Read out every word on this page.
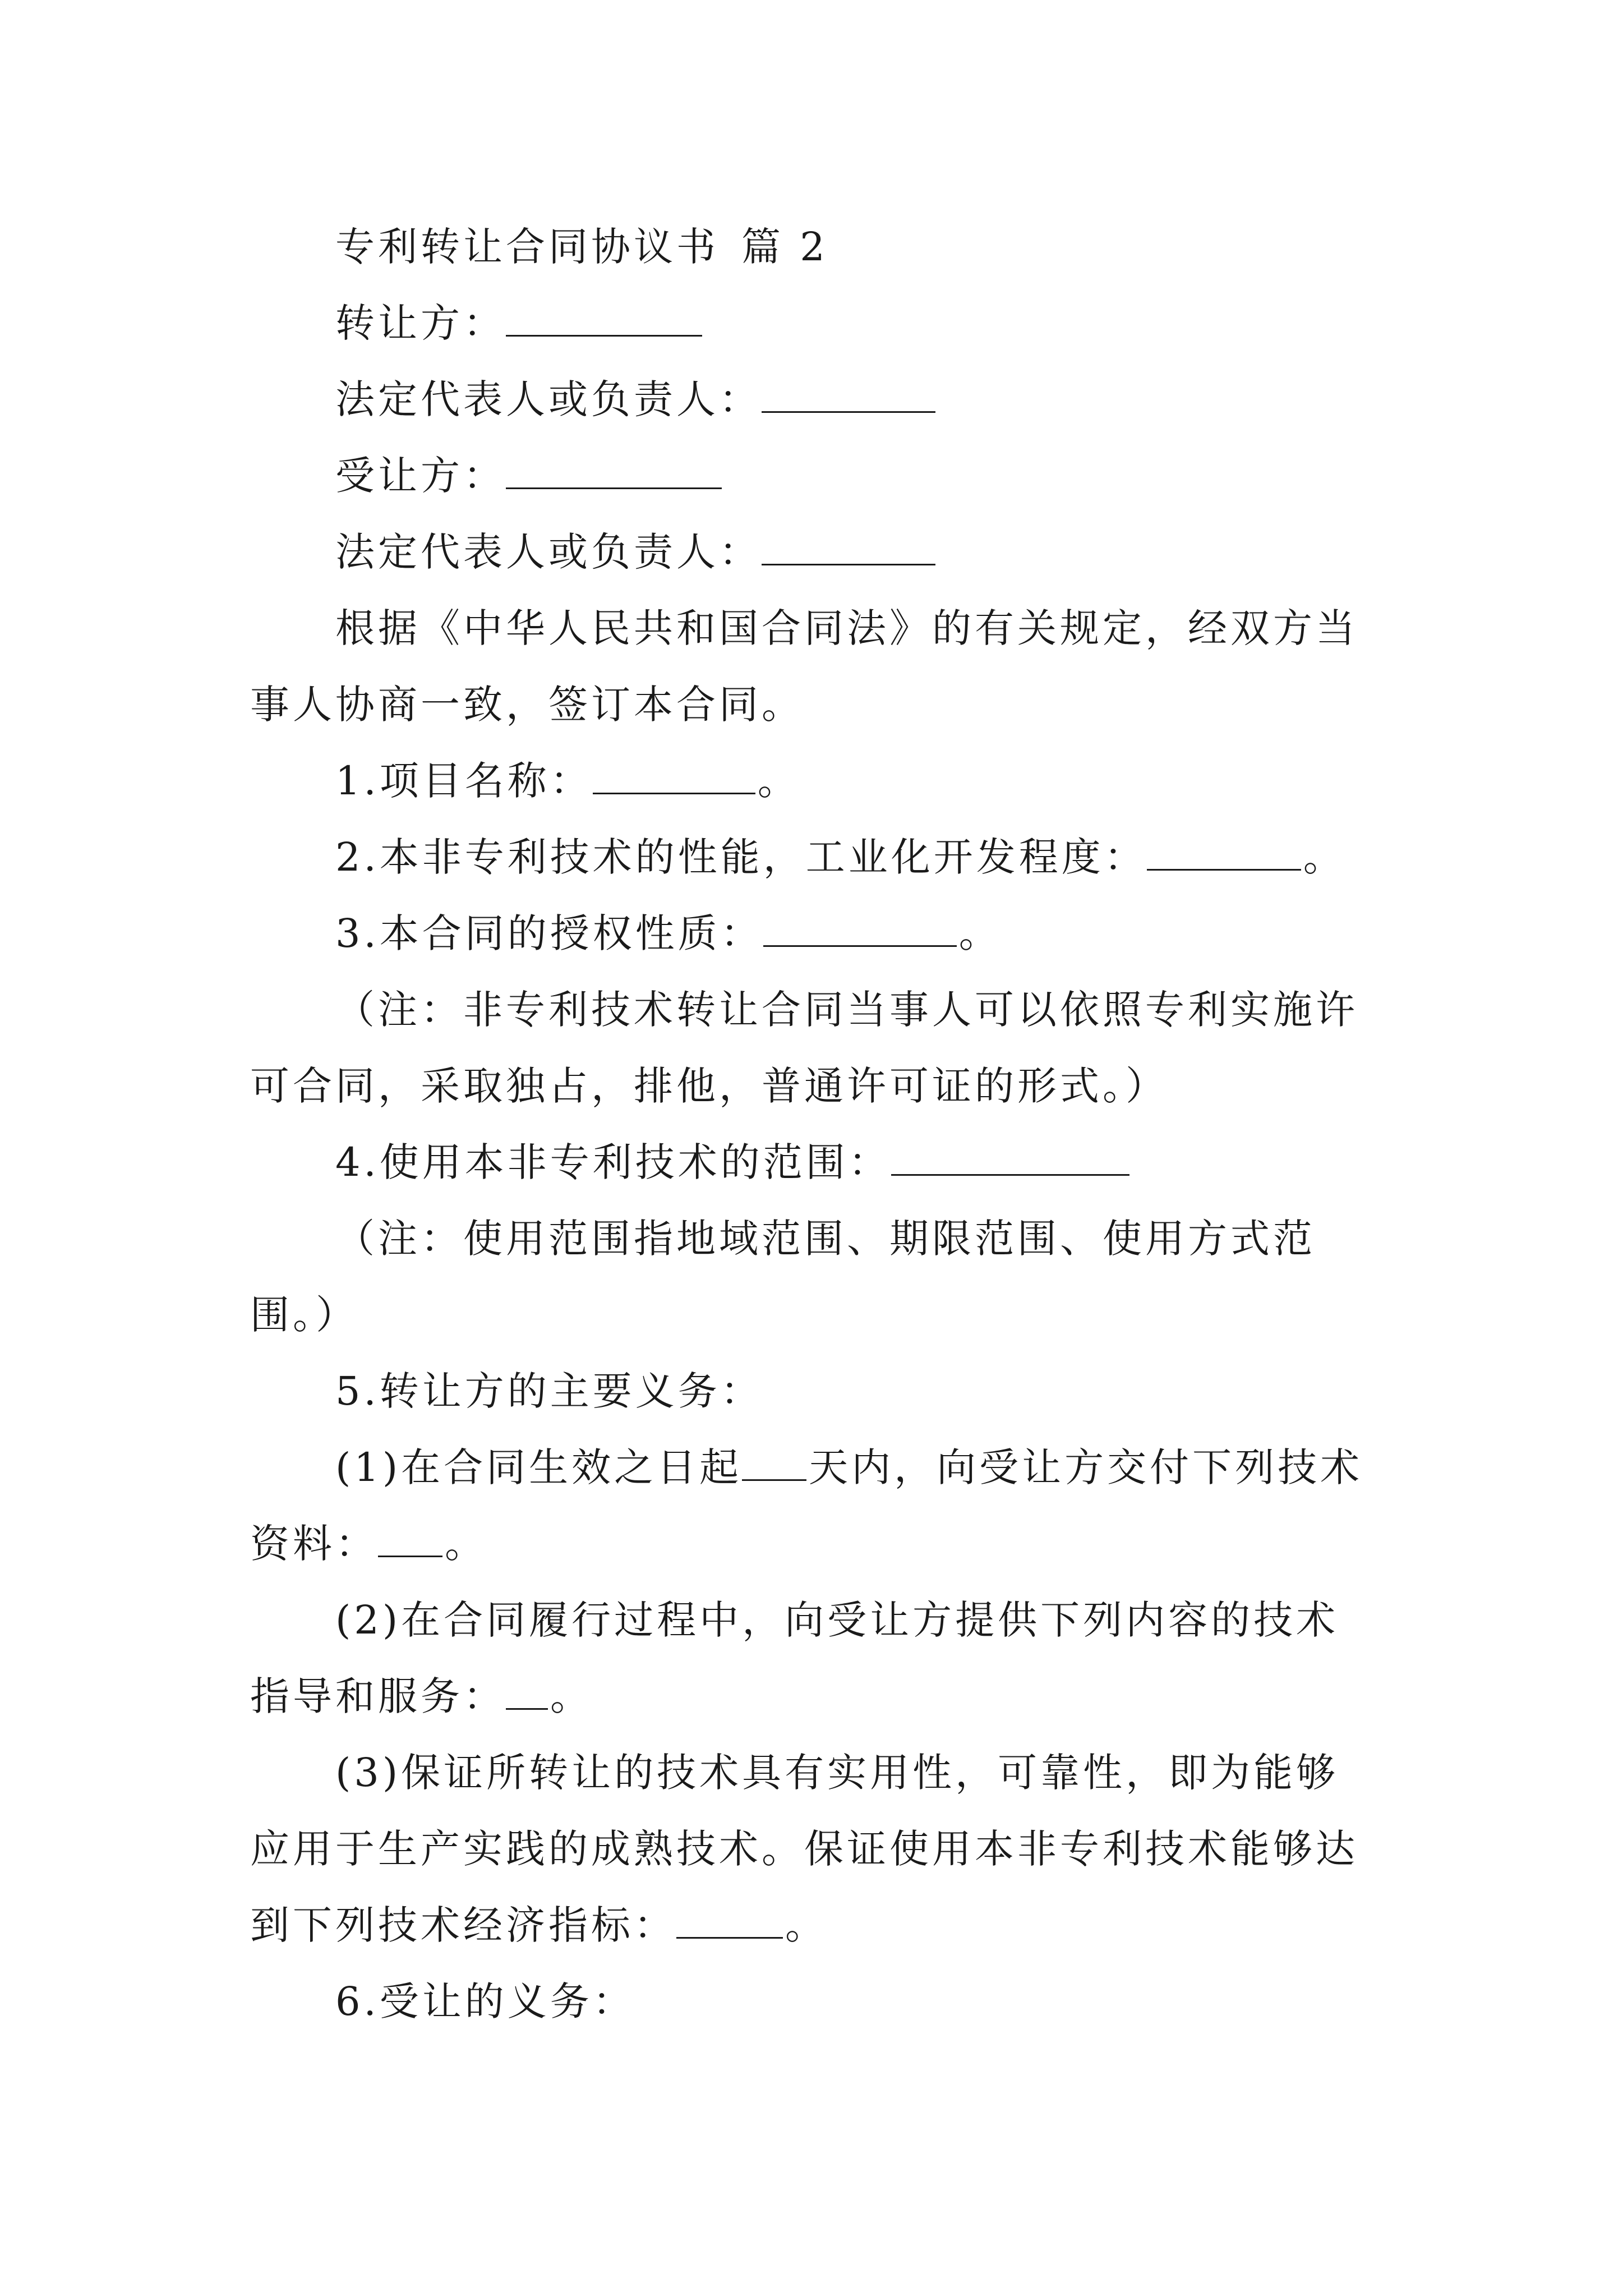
专利转让合同协议书 篇 2
转让方：
法定代表人或负责人：
受让方：
法定代表人或负责人：
根据《中华人民共和国合同法》的有关规定，经双方当
事人协商一致，签订本合同。
1.项目名称：	。
2.本非专利技术的性能，工业化开发程度：	。
3.本合同的授权性质：	。
（注：非专利技术转让合同当事人可以依照专利实施许
可合同，采取独占，排他，普通许可证的形式。）
4.使用本非专利技术的范围：
（注：使用范围指地域范围、期限范围、使用方式范
围。）
5.转让方的主要义务：
(1)在合同生效之日起 天内，向受让方交付下列技术
资料： 。
(2)在合同履行过程中，向受让方提供下列内容的技术
指导和服务： 。
(3)保证所转让的技术具有实用性，可靠性，即为能够
应用于生产实践的成熟技术。保证使用本非专利技术能够达
到下列技术经济指标：	。
6.受让的义务：
